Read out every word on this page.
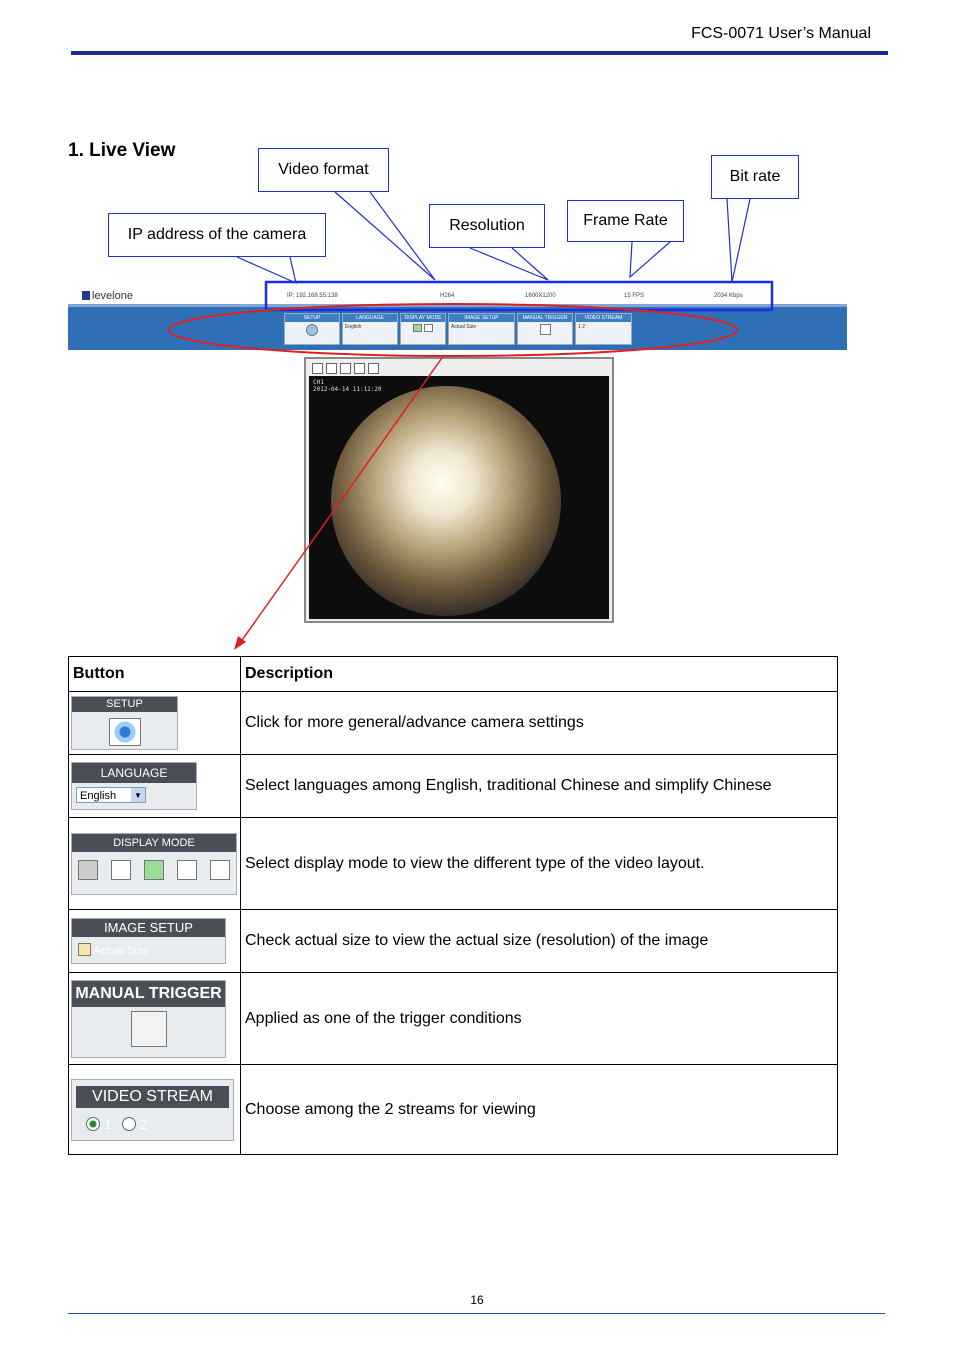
FCS-0071 User’s Manual
1. Live View
Video format	Bit rate
Resolution	Frame Rate
IP address of the camera
levelone	IP: 192.168.55.138	H264	1600X1200	15 FPS	2034 Kbps
SETUP	LANGUAGE
English
DISPLAY MODE
	IMAGE SETUP
Actual Size
MANUAL TRIGGER	VIDEO STREAM
1 2
CH1
2012-04-14 11:11:20
Button	Description

SETUP	Click for more general/advance camera settings

LANGUAGE
English ▼	Select languages among English, traditional Chinese and simplify Chinese

DISPLAY MODE	Select display mode to view the different type of the video layout.

IMAGE SETUP
Actual Size	Check actual size to view the actual size (resolution) of the image

MANUAL TRIGGER	Applied as one of the trigger conditions

VIDEO STREAM
1 2	Choose among the 2 streams for viewing
16
